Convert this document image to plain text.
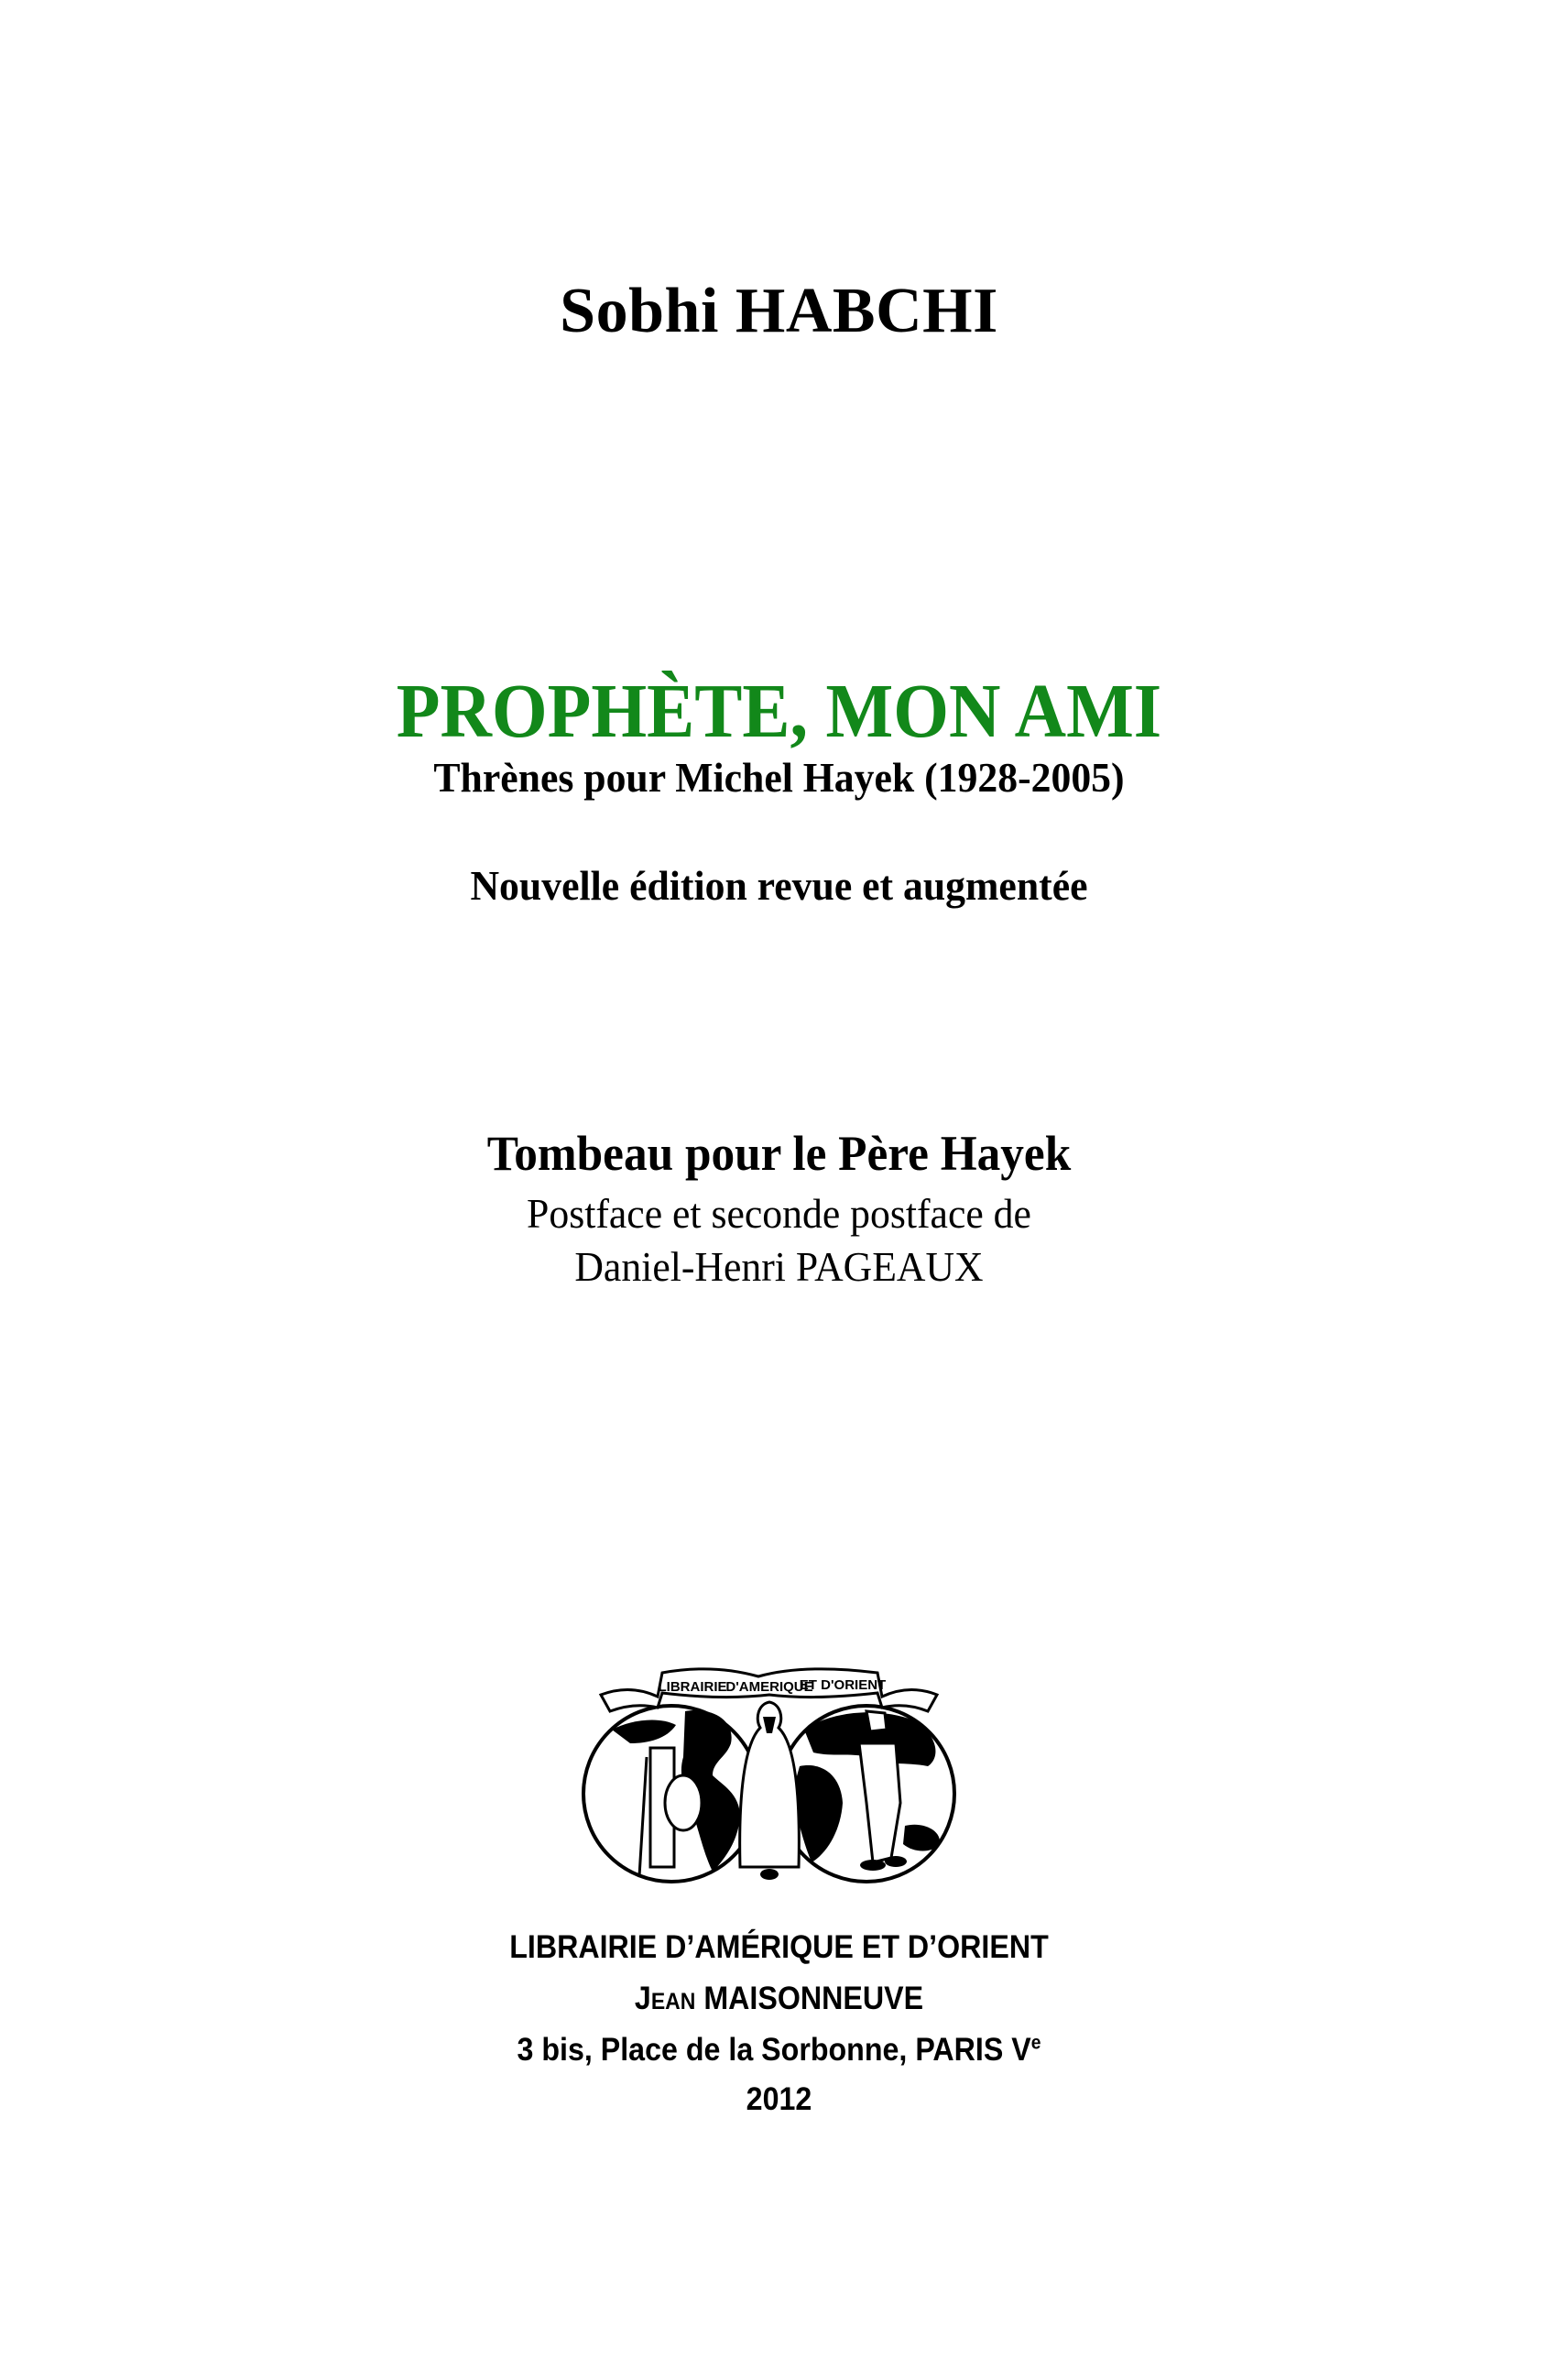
Sobhi HABCHI
PROPHÈTE, MON AMI
Thrènes pour Michel Hayek (1928-2005)
Nouvelle édition revue et augmentée
Tombeau pour le Père Hayek
Postface et seconde postface de
Daniel-Henri PAGEAUX
LIBRAIRIE
D'AMERIQUE
ET D'ORIENT
LIBRAIRIE D’AMÉRIQUE ET D’ORIENT
Jean MAISONNEUVE
3 bis, Place de la Sorbonne, PARIS Ve
2012
